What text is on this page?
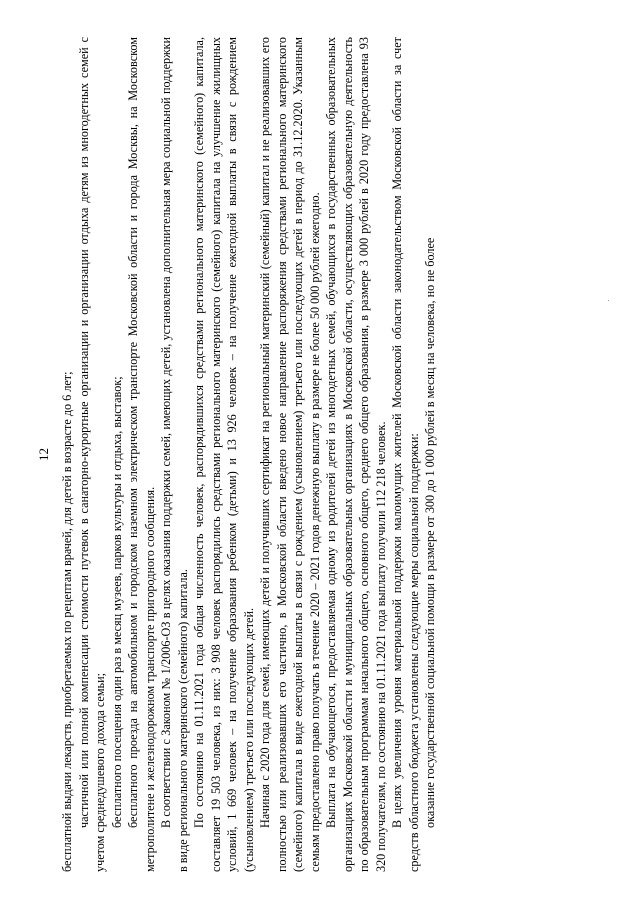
12 бесплатной выдачи лекарств, приобретаемых по рецептам врачей, для детей в возрасте до 6 лет; частичной или полной компенсации стоимости путевок в санаторно-курортные организации и организации отдыха детям из многодетных семей с учетом среднедушевого дохода семьи; бесплатного посещения один раз в месяц музеев, парков культуры и отдыха, выставок; бесплатного проезда на автомобильном и городском наземном электрическом транспорте Московской области и города Москвы, на Московском метрополитене и железнодорожном транспорте пригородного сообщения. В соответствии с Законом № 1/2006-ОЗ в целях оказания поддержки семей, имеющих детей, установлена дополнительная мера социальной поддержки в виде регионального материнского (семейного) капитала. По состоянию на 01.11.2021 года общая численность человек, распорядившихся средствами регионального материнского (семейного) капитала, составляет 19 503 человека, из них: 3 908 человек распорядились средствами регионального материнского (семейного) капитала на улучшение жилищных условий, 1 669 человек – на получение образования ребенком (детьми) и 13 926 человек – на получение ежегодной выплаты в связи с рождением (усыновлением) третьего или последующих детей. Начиная с 2020 года для семей, имеющих детей и получивших сертификат на региональный материнский (семейный) капитал и не реализовавших его полностью или реализовавших его частично, в Московской области введено новое направление распоряжения средствами регионального материнского (семейного) капитала в виде ежегодной выплаты в связи с рождением (усыновлением) третьего или последующих детей в период до 31.12.2020. Указанным семьям предоставлено право получать в течение 2020 – 2021 годов денежную выплату в размере не более 50 000 рублей ежегодно. Выплата на обучающегося, предоставляемая одному из родителей детей из многодетных семей, обучающихся в государственных образовательных организациях Московской области и муниципальных образовательных организациях в Московской области, осуществляющих образовательную деятельность по образовательным программам начального общего, основного общего, среднего общего образования, в размере 3 000 рублей в 2020 году предоставлена 93 320 получателям, по состоянию на 01.11.2021 года выплату получили 112 218 человек. В целях увеличения уровня материальной поддержки малоимущих жителей Московской области законодательством Московской области за счет средств областного бюджета установлены следующие меры социальной поддержки: оказание государственной социальной помощи в размере от 300 до 1 000 рублей в месяц на человека, но не более
